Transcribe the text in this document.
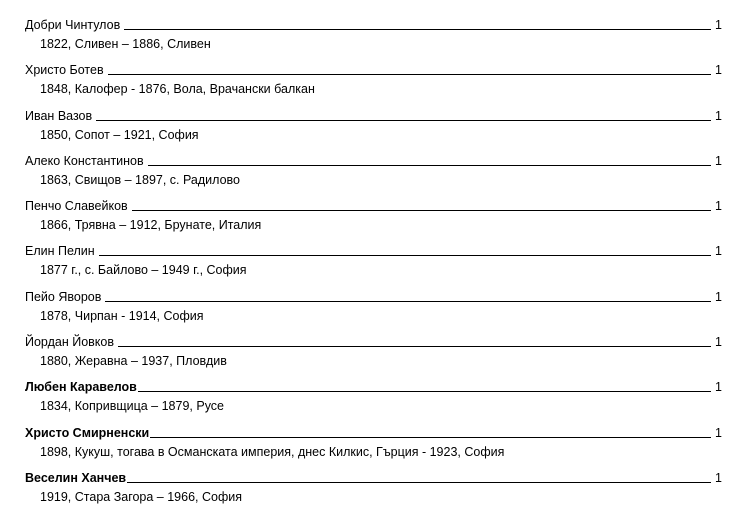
Добри Чинтулов	1
1822, Сливен – 1886, Сливен
Христо Ботев	1
1848, Калофер - 1876, Вола, Врачански балкан
Иван Вазов	1
1850, Сопот – 1921, София
Алеко Константинов	1
1863, Свищов – 1897, с. Радилово
Пенчо Славейков	1
1866, Трявна – 1912, Брунате, Италия
Елин Пелин	1
1877 г., с. Байлово – 1949 г., София
Пейо Яворов	1
1878, Чирпан - 1914, София
Йордан Йовков	1
1880, Жеравна – 1937, Пловдив
Любен Каравелов	1
1834, Копривщица – 1879, Русе
Христо Смирненски	1
1898, Кукуш, тогава в Османската империя, днес Килкис, Гърция - 1923, София
Веселин Ханчев	1
1919, Стара Загора – 1966, София
